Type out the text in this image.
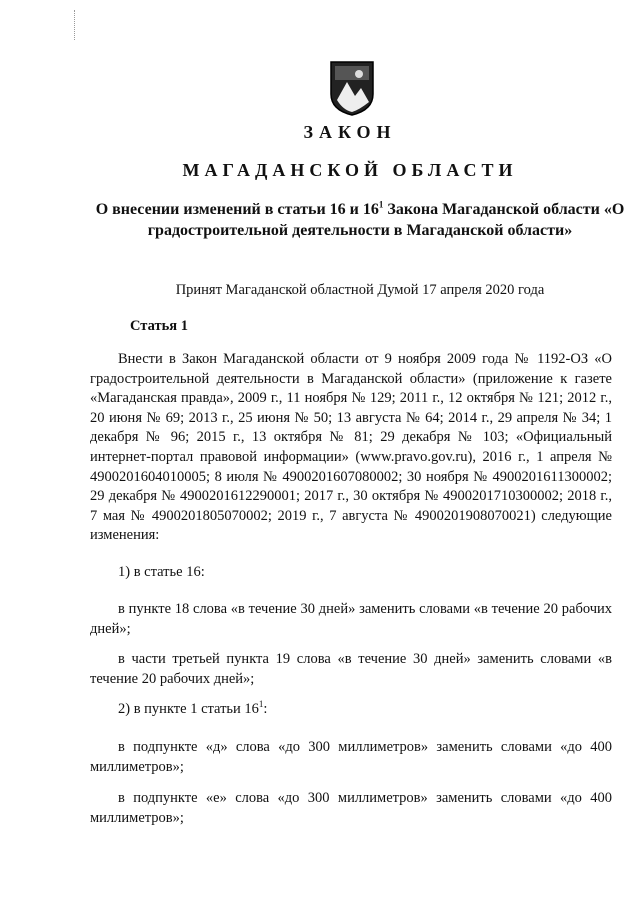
ЗАКОН
МАГАДАНСКОЙ ОБЛАСТИ
О внесении изменений в статьи 16 и $16^1$ Закона Магаданской области «О градостроительной деятельности в Магаданской области»
Принят Магаданской областной Думой 17 апреля 2020 года
Статья 1
Внести в Закон Магаданской области от 9 ноября 2009 года № 1192-ОЗ «О градостроительной деятельности в Магаданской области» (приложение к газете «Магаданская правда», 2009 г., 11 ноября № 129; 2011 г., 12 октября № 121; 2012 г., 20 июня № 69; 2013 г., 25 июня № 50; 13 августа № 64; 2014 г., 29 апреля № 34; 1 декабря № 96; 2015 г., 13 октября № 81; 29 декабря № 103; «Официальный интернет-портал правовой информации» (www.pravo.gov.ru), 2016 г., 1 апреля № 4900201604010005; 8 июля № 4900201607080002; 30 ноября № 4900201611300002; 29 декабря № 4900201612290001; 2017 г., 30 октября № 4900201710300002; 2018 г., 7 мая № 4900201805070002; 2019 г., 7 августа № 4900201908070021) следующие изменения:
1) в статье 16:
в пункте 18 слова «в течение 30 дней» заменить словами «в течение 20 рабочих дней»;
в части третьей пункта 19 слова «в течение 30 дней» заменить словами «в течение 20 рабочих дней»;
2) в пункте 1 статьи $16^1$:
в подпункте «д» слова «до 300 миллиметров» заменить словами «до 400 миллиметров»;
в подпункте «е» слова «до 300 миллиметров» заменить словами «до 400 миллиметров»;
